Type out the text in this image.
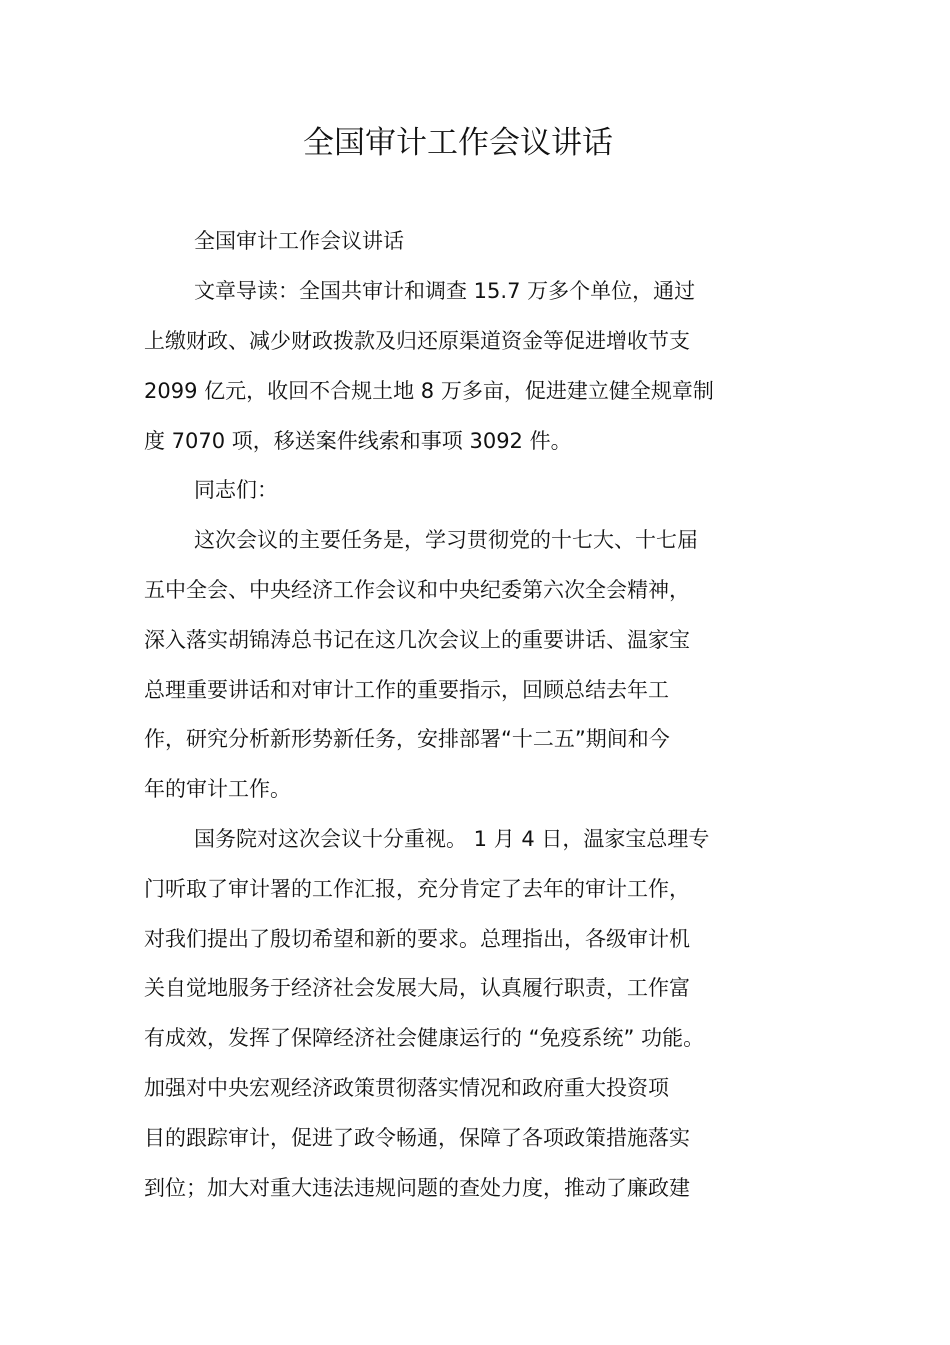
全国审计工作会议讲话

全国审计工作会议讲话

文章导读：全国共审计和调查 15.7 万多个单位，通过

上缴财政、减少财政拨款及归还原渠道资金等促进增收节支

2099 亿元，收回不合规土地 8 万多亩，促进建立健全规章制

度 7070 项，移送案件线索和事项 3092 件。

同志们：

这次会议的主要任务是，学习贯彻党的十七大、十七届

五中全会、中央经济工作会议和中央纪委第六次全会精神，

深入落实胡锦涛总书记在这几次会议上的重要讲话、温家宝

总理重要讲话和对审计工作的重要指示，回顾总结去年工

作，研究分析新形势新任务，安排部署“十二五”期间和今

年的审计工作。

国务院对这次会议十分重视。 1 月 4 日，温家宝总理专

门听取了审计署的工作汇报，充分肯定了去年的审计工作，

对我们提出了殷切希望和新的要求。总理指出，各级审计机

关自觉地服务于经济社会发展大局，认真履行职责，工作富

有成效，发挥了保障经济社会健康运行的 “免疫系统” 功能。

加强对中央宏观经济政策贯彻落实情况和政府重大投资项

目的跟踪审计，促进了政令畅通，保障了各项政策措施落实

到位；加大对重大违法违规问题的查处力度，推动了廉政建
